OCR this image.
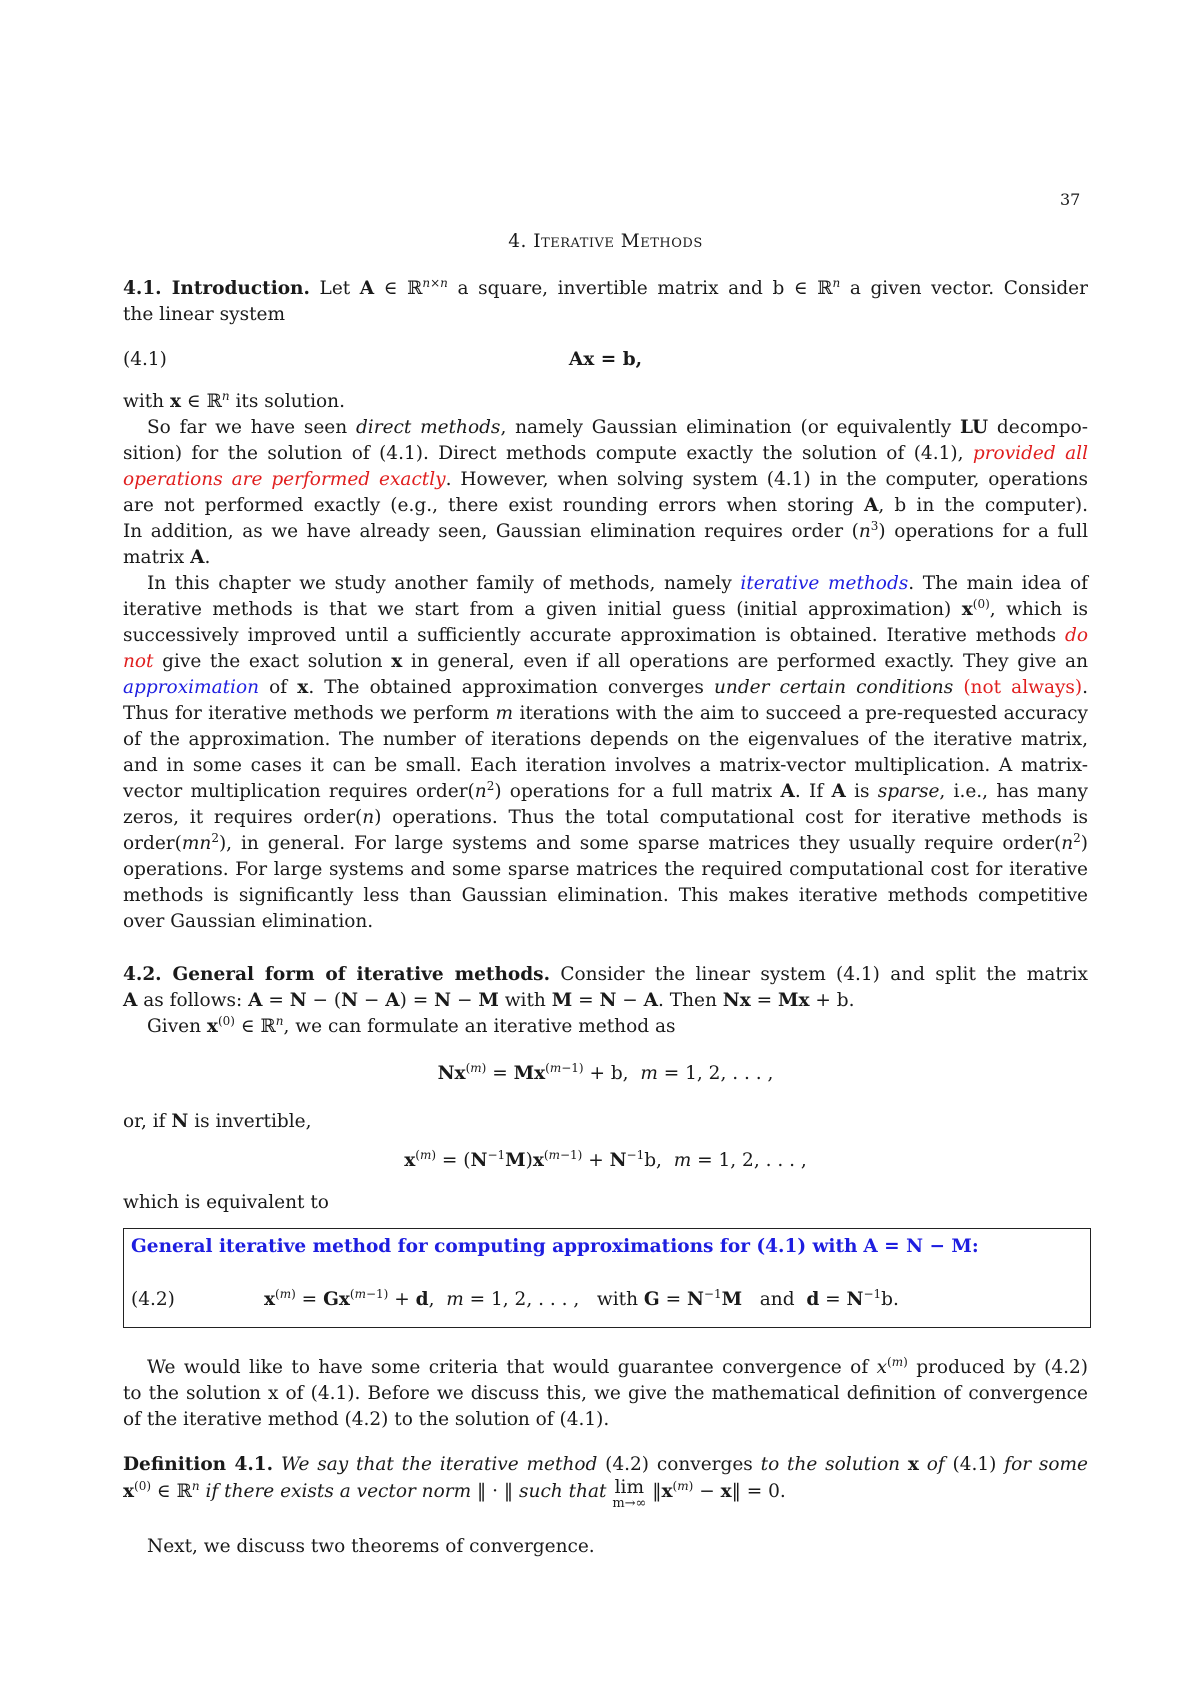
37
4. Iterative Methods
4.1. Introduction. Let A ∈ ℝ$^{n\times n}$ a square, invertible matrix and b ∈ ℝ$^n$ a given vector. Consider
the linear system
(4.1)	Ax = b,
with x ∈ ℝ$^n$ its solution.
So far we have seen direct methods, namely Gaussian elimination (or equivalently LU decompo-
sition) for the solution of (4.1). Direct methods compute exactly the solution of (4.1), provided all
operations are performed exactly. However, when solving system (4.1) in the computer, operations
are not performed exactly (e.g., there exist rounding errors when storing A, b in the computer).
In addition, as we have already seen, Gaussian elimination requires order $(n^3)$ operations for a full
matrix A.
In this chapter we study another family of methods, namely iterative methods. The main idea of
iterative methods is that we start from a given initial guess (initial approximation) $x^{(0)}$, which is
successively improved until a sufficiently accurate approximation is obtained. Iterative methods do
not give the exact solution x in general, even if all operations are performed exactly. They give an
approximation of x. The obtained approximation converges under certain conditions (not always).
Thus for iterative methods we perform m iterations with the aim to succeed a pre-requested accuracy
of the approximation. The number of iterations depends on the eigenvalues of the iterative matrix,
and in some cases it can be small. Each iteration involves a matrix-vector multiplication. A matrix-
vector multiplication requires $order(n^2)$ operations for a full matrix A. If A is sparse, i.e., has many
zeros, it requires order(n) operations. Thus the total computational cost for iterative methods is
$order(mn^2)$, in general. For large systems and some sparse matrices they usually require $order(n^2)$
operations. For large systems and some sparse matrices the required computational cost for iterative
methods is significantly less than Gaussian elimination. This makes iterative methods competitive
over Gaussian elimination.
4.2. General form of iterative methods. Consider the linear system (4.1) and split the matrix
A as follows: A = N − (N − A) = N − M with M = N − A. Then Nx = Mx + b.
Given $x^{(0)}$ ∈ ℝ$^n$, we can formulate an iterative method as
$Nx^{(m)} = Mx^{(m-1)} + b$,  m = 1, 2, . . . ,
or, if N is invertible,
$x^{(m)} = (N^{-1}M)x^{(m-1)} + N^{-1}b$,  m = 1, 2, . . . ,
which is equivalent to
General iterative method for computing approximations for (4.1) with A = N − M:
(4.2)	$x^{(m)} = Gx^{(m-1)} + d$,  m = 1, 2, . . . ,   with $G = N^{-1}M$ and $d = N^{-1}b$.
We would like to have some criteria that would guarantee convergence of $x^{(m)}$ produced by (4.2)
to the solution x of (4.1). Before we discuss this, we give the mathematical definition of convergence
of the iterative method (4.2) to the solution of (4.1).
Definition 4.1. We say that the iterative method (4.2) converges to the solution x of (4.1) for some
$x^{(0)}$ ∈ ℝ$^n$ if there exists a vector norm ‖ · ‖ such that lim
m→∞
$‖x^{(m)}$ − x‖ = 0.
Next, we discuss two theorems of convergence.
